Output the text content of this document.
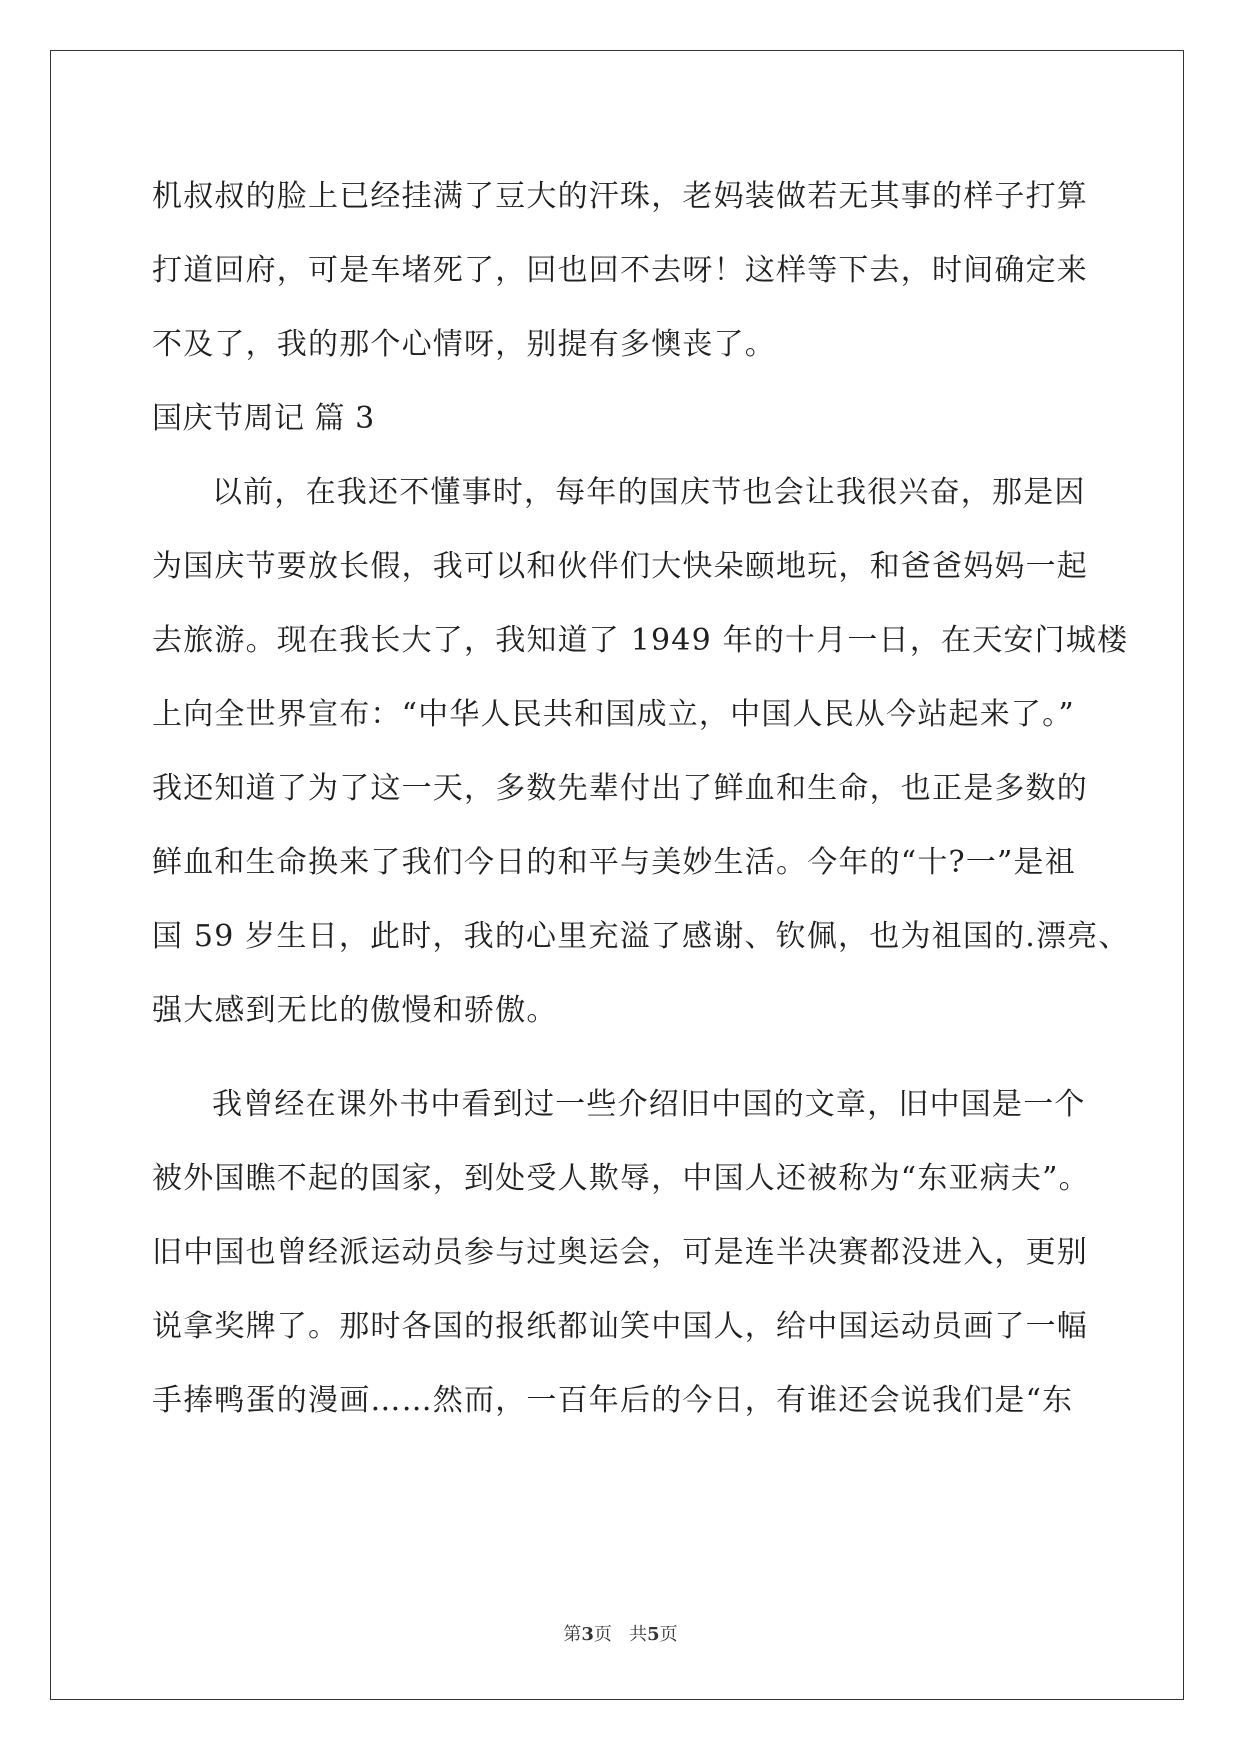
机叔叔的脸上已经挂满了豆大的汗珠，老妈装做若无其事的样子打算
打道回府，可是车堵死了，回也回不去呀！这样等下去，时间确定来
不及了，我的那个心情呀，别提有多懊丧了。
国庆节周记 篇 3
以前，在我还不懂事时，每年的国庆节也会让我很兴奋，那是因
为国庆节要放长假，我可以和伙伴们大快朵颐地玩，和爸爸妈妈一起
去旅游。现在我长大了，我知道了 1949 年的十月一日，在天安门城楼
上向全世界宣布：“中华人民共和国成立，中国人民从今站起来了。”
我还知道了为了这一天，多数先辈付出了鲜血和生命，也正是多数的
鲜血和生命换来了我们今日的和平与美妙生活。今年的“十?一”是祖
国 59 岁生日，此时，我的心里充溢了感谢、钦佩，也为祖国的.漂亮、
强大感到无比的傲慢和骄傲。
我曾经在课外书中看到过一些介绍旧中国的文章，旧中国是一个
被外国瞧不起的国家，到处受人欺辱，中国人还被称为“东亚病夫”。
旧中国也曾经派运动员参与过奥运会，可是连半决赛都没进入，更别
说拿奖牌了。那时各国的报纸都讪笑中国人，给中国运动员画了一幅
手捧鸭蛋的漫画……然而，一百年后的今日，有谁还会说我们是“东
第3页   共5页
